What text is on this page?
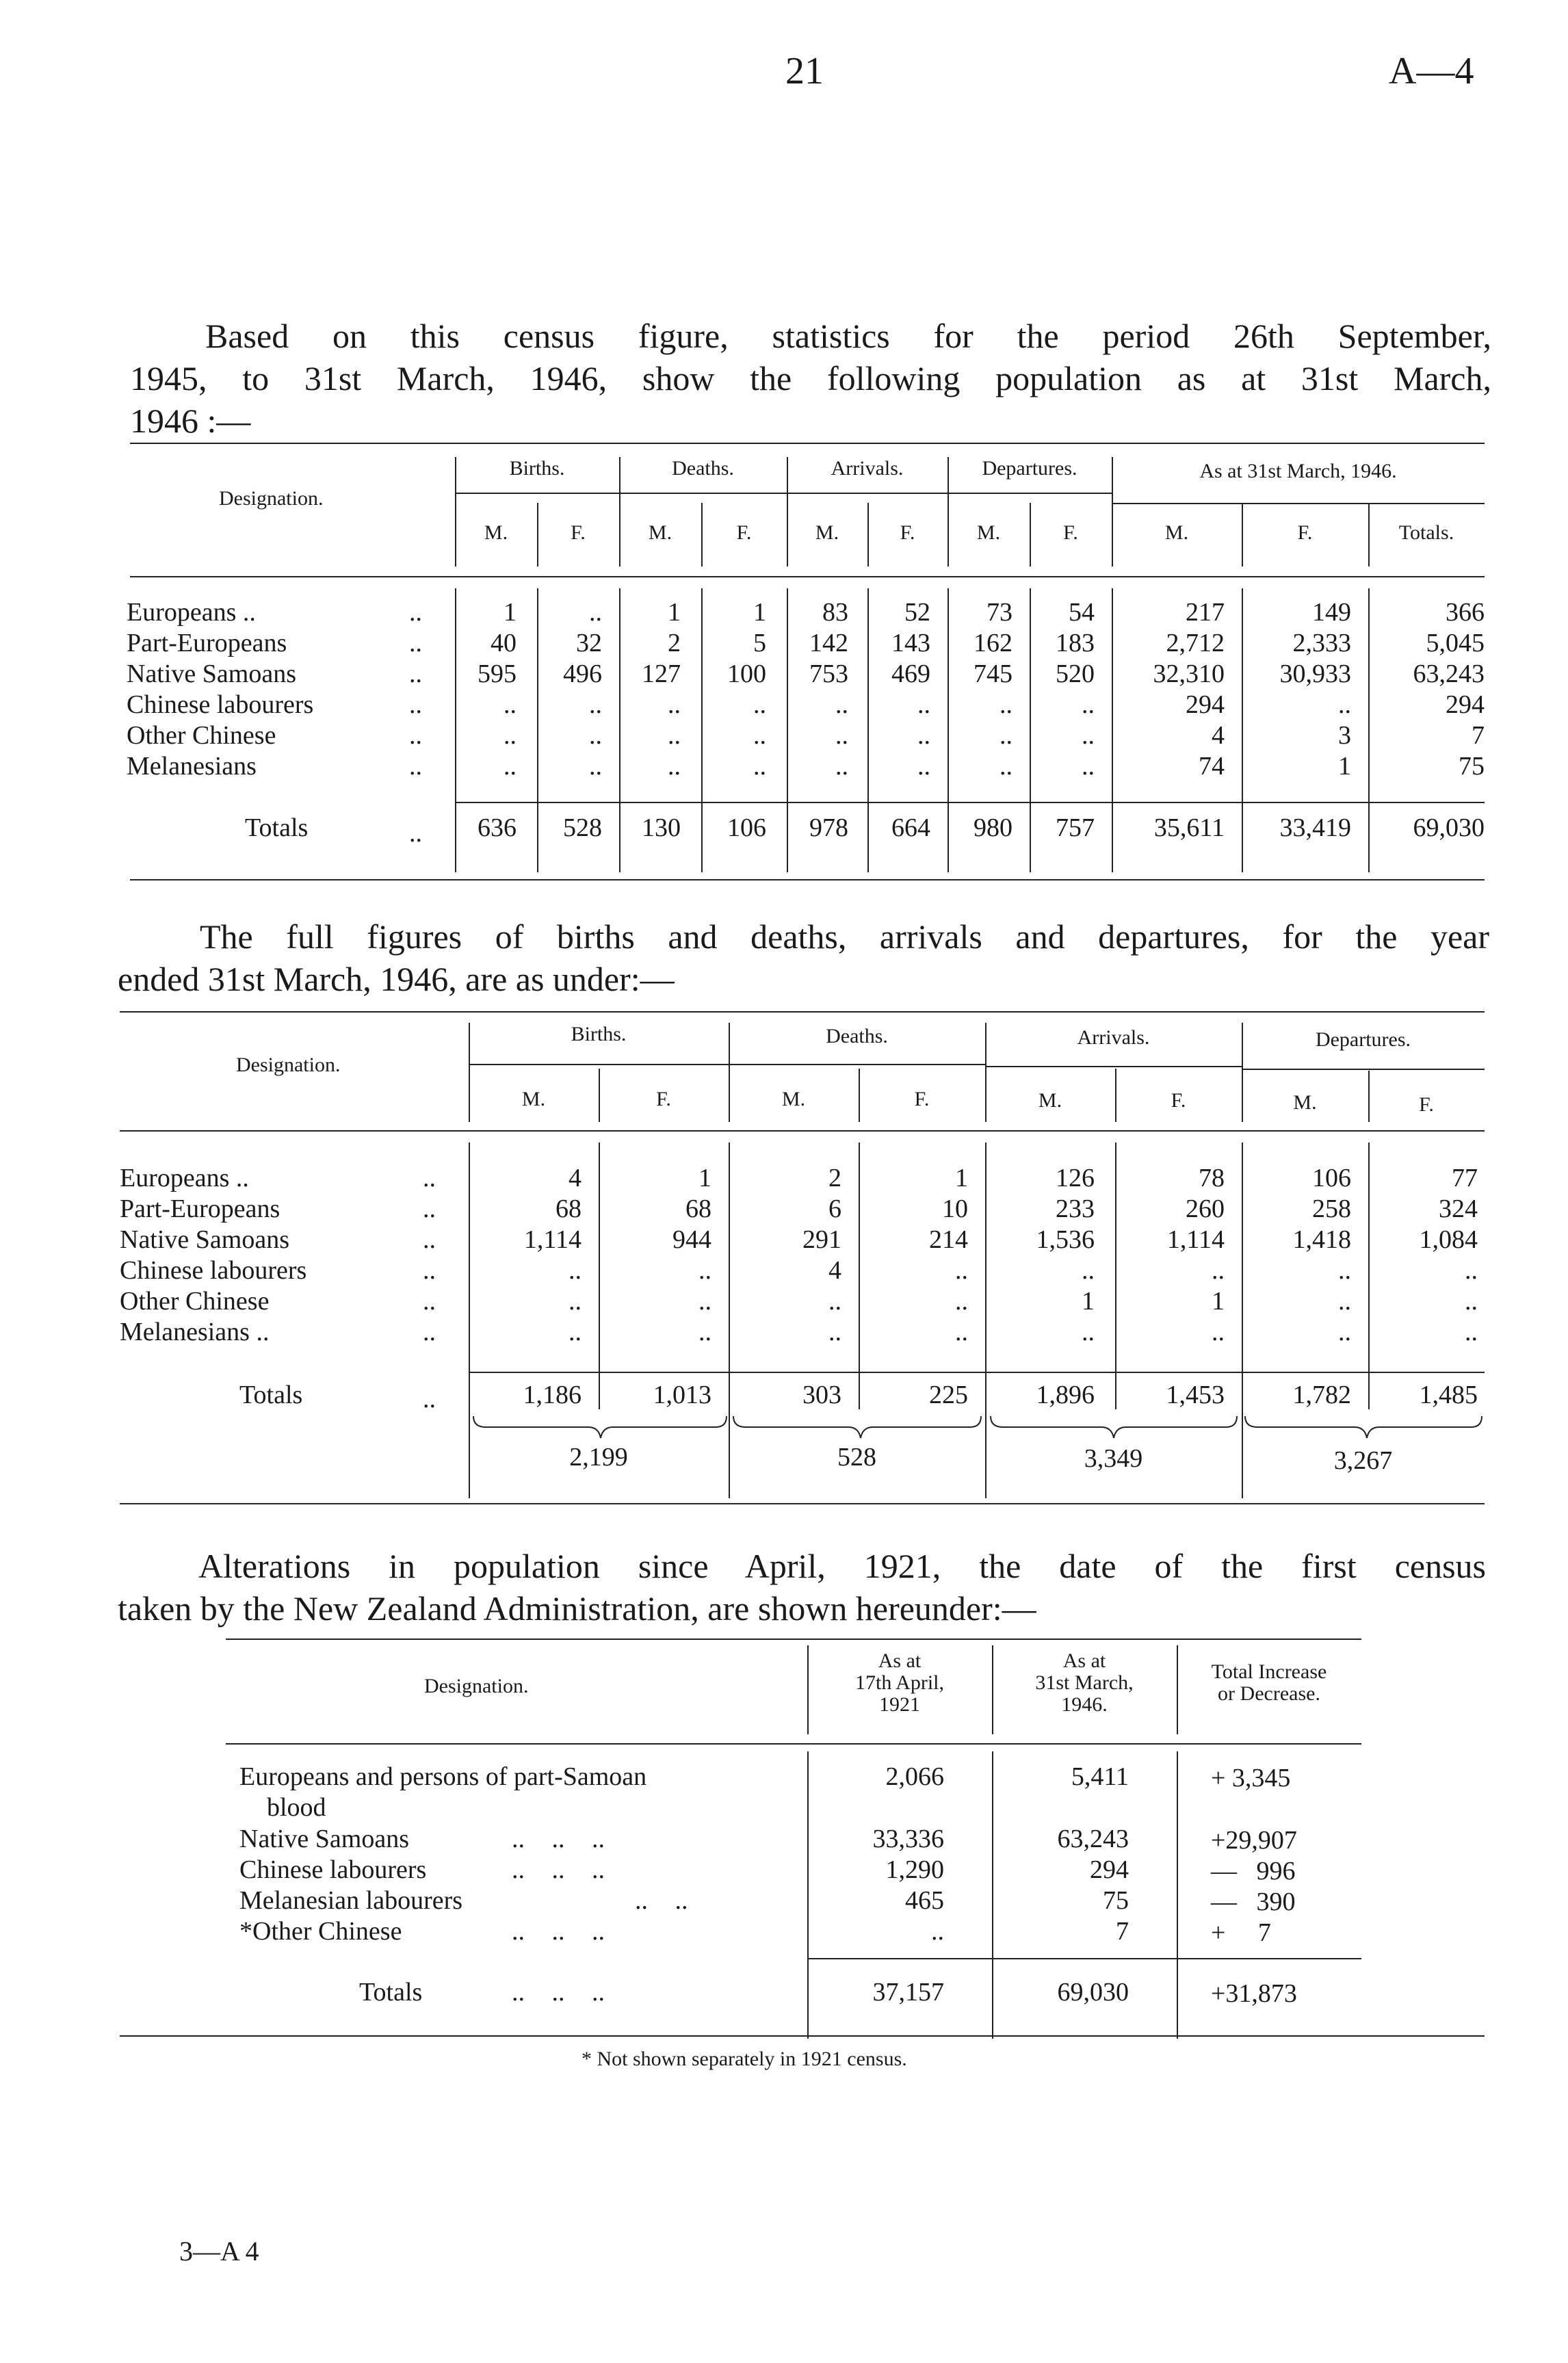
21	A—4
Based on this census figure, statistics for the period 26th September,
1945, to 31st March, 1946, show the following population as at 31st March,
1946 :—
Designation.
Births.	Deaths.	Arrivals.	Departures.	As at 31st March, 1946.
M.	F.	M.	F.	M.	F.	M.	F.	M.	F.	Totals.
Europeans ..	..	1	..	1	1	83	52	73	54	217	149	366
Part-Europeans	..	40	32	2	5	142	143	162	183	2,712	2,333	5,045
Native Samoans	..	595	496	127	100	753	469	745	520	32,310	30,933	63,243
Chinese labourers	..	..	..	..	..	..	..	..	..	294	..	294
Other Chinese	..	..	..	..	..	..	..	..	..	4	3	7
Melanesians	..	..	..	..	..	..	..	..	..	74	1	75
Totals	..	636	528	130	106	978	664	980	757	35,611	33,419	69,030
The full figures of births and deaths, arrivals and departures, for the year
ended 31st March, 1946, are as under:—
Designation.
Births.	Deaths.	Arrivals.	Departures.
M.	F.	M.	F.	M.	F.	M.	F.
Europeans ..	..	4	1	2	1	126	78	106	77
Part-Europeans	..	68	68	6	10	233	260	258	324
Native Samoans	..	1,114	944	291	214	1,536	1,114	1,418	1,084
Chinese labourers	..	..	..	4	..	..	..	..	..
Other Chinese	..	..	..	..	..	1	1	..	..
Melanesians ..	..	..	..	..	..	..	..	..	..
Totals	..	1,186	1,013	303	225	1,896	1,453	1,782	1,485
2,199	528	3,349	3,267
Alterations in population since April, 1921, the date of the first census
taken by the New Zealand Administration, are shown hereunder:—
Designation.
As at
17th April,
1921
As at
31st March,
1946.
Total Increase
or Decrease.
Europeans and persons of part-Samoan
blood
2,066	5,411	+ 3,345
Native Samoans	.. .. ..	33,336	63,243	+29,907
Chinese labourers	.. .. ..	1,290	294	—   996
Melanesian labourers	.. ..	465	75	—   390
*Other Chinese	.. .. ..	..	7	+     7
Totals	.. .. ..	37,157	69,030	+31,873
* Not shown separately in 1921 census.
3—A 4
